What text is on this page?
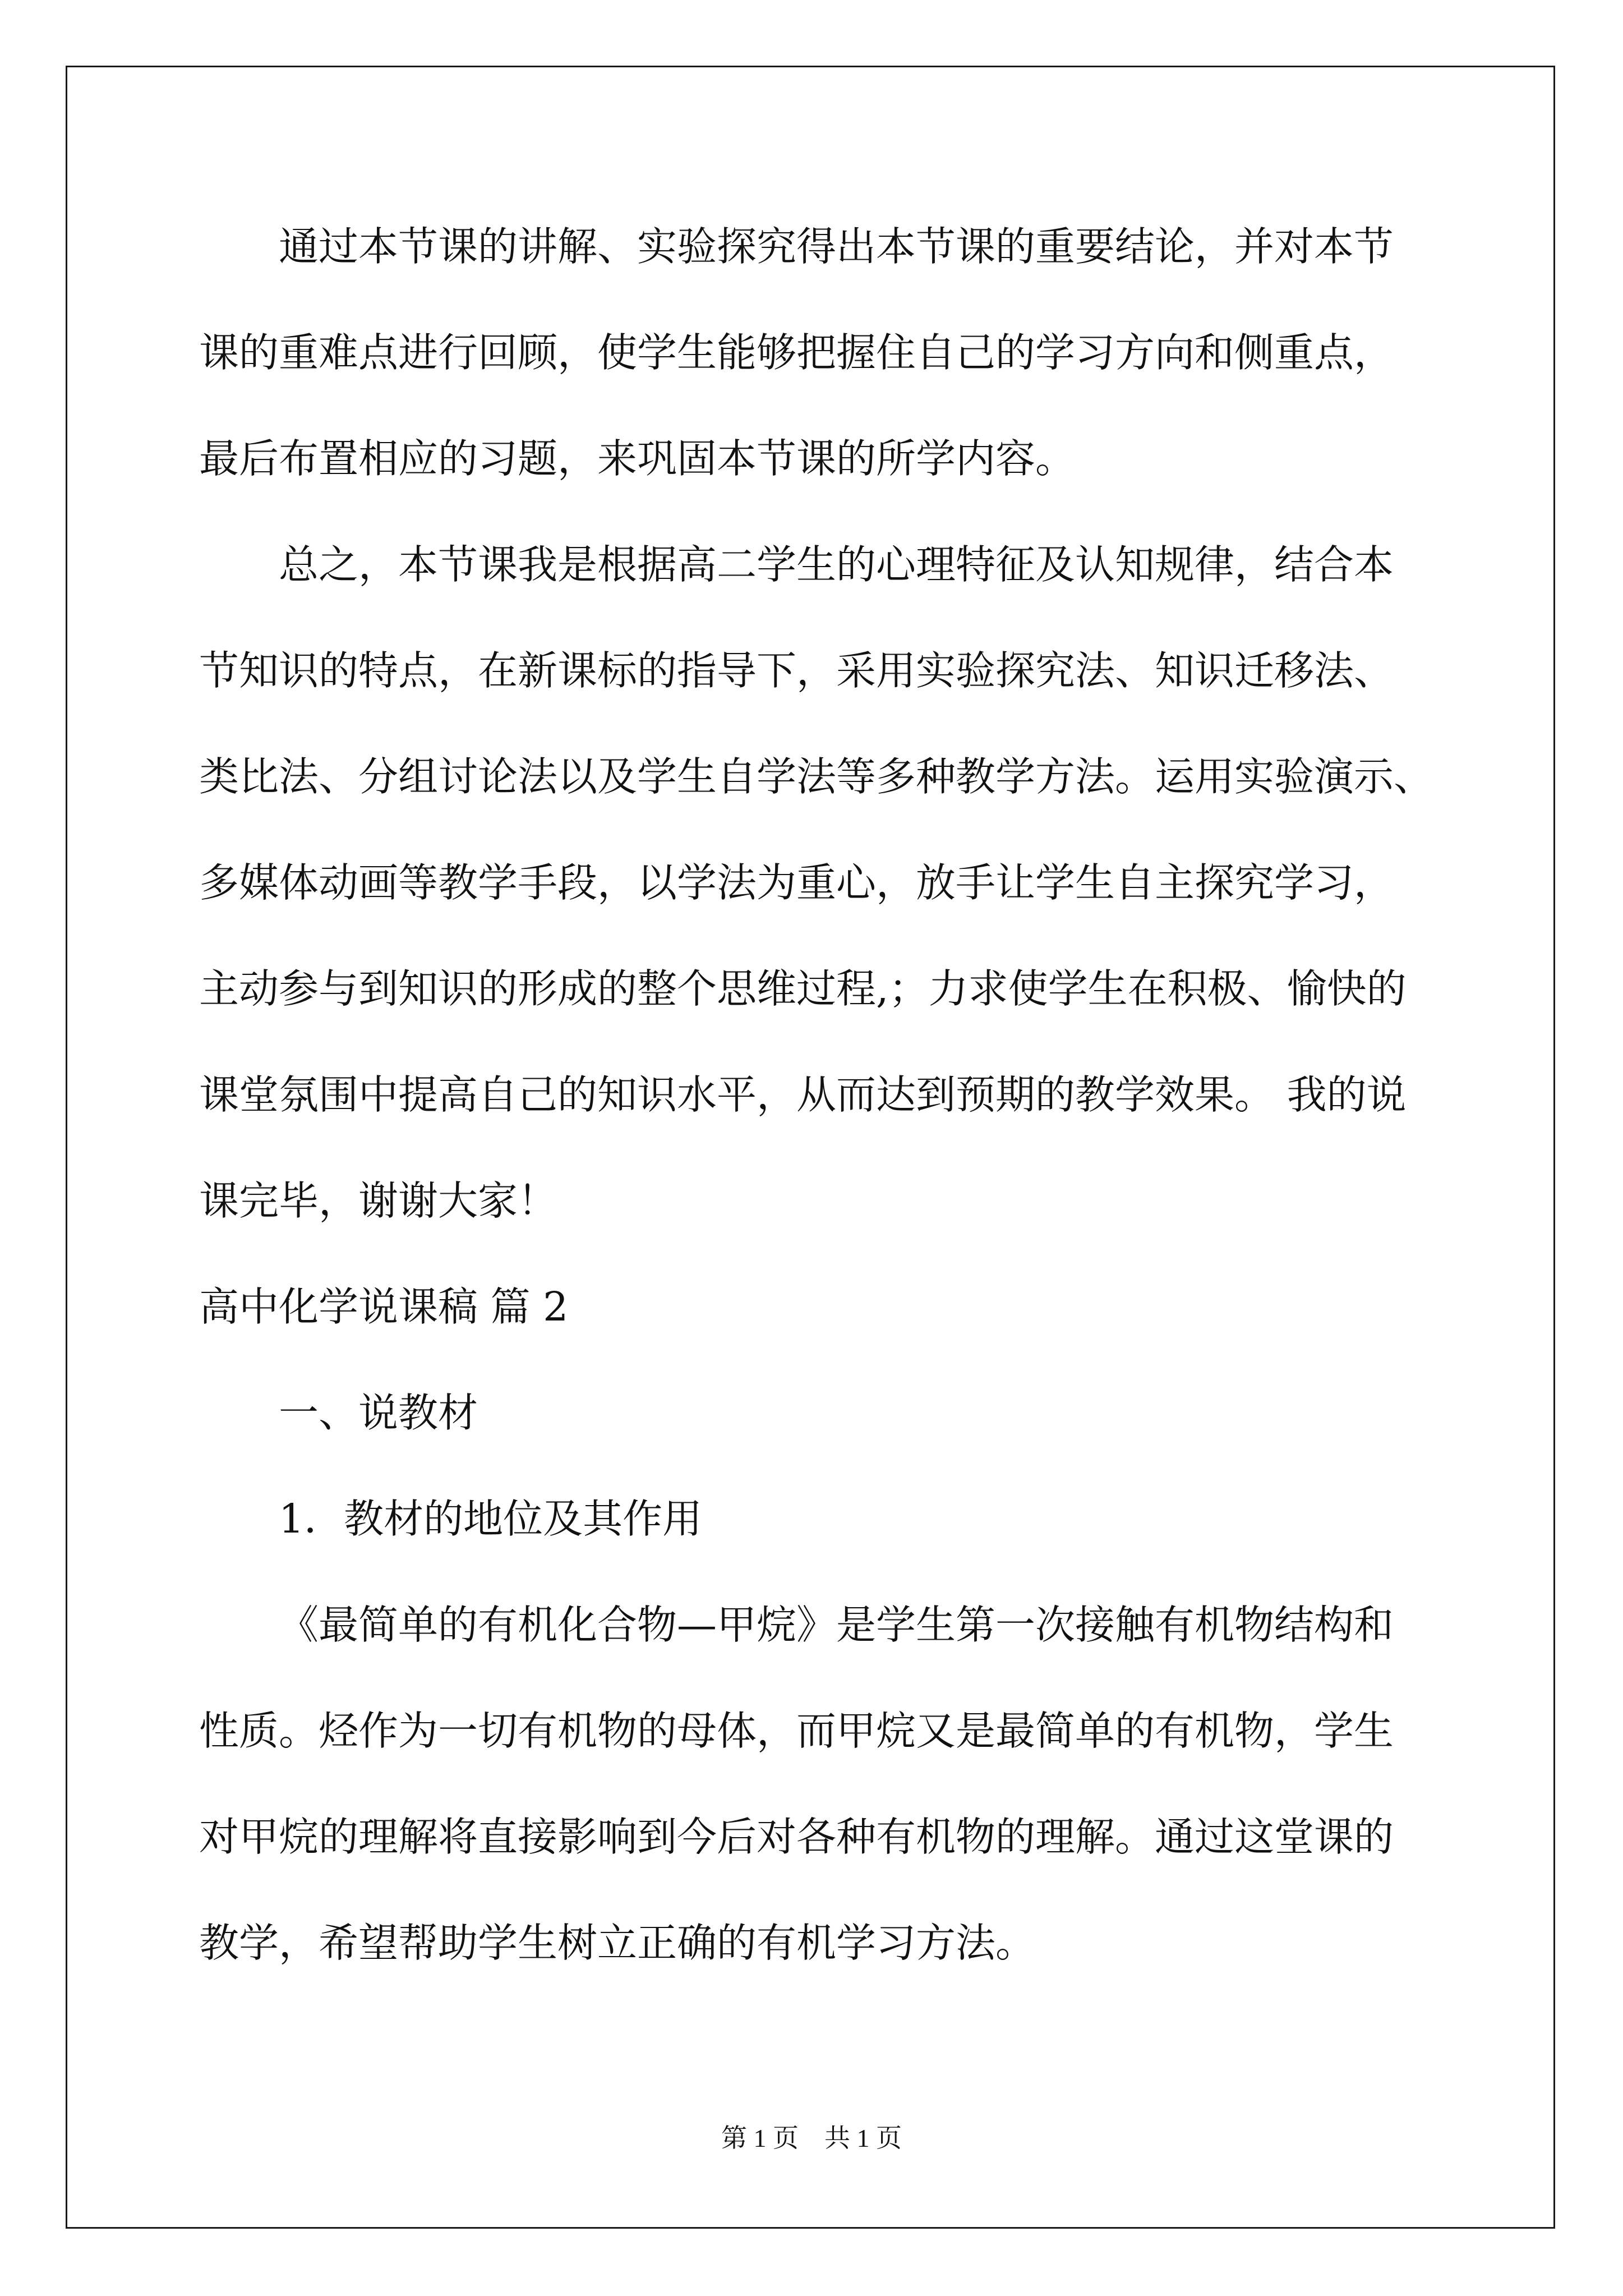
通过本节课的讲解、实验探究得出本节课的重要结论，并对本节
课的重难点进行回顾，使学生能够把握住自己的学习方向和侧重点，
最后布置相应的习题，来巩固本节课的所学内容。
总之，本节课我是根据高二学生的心理特征及认知规律，结合本
节知识的特点，在新课标的指导下，采用实验探究法、知识迁移法、
类比法、分组讨论法以及学生自学法等多种教学方法。运用实验演示、
多媒体动画等教学手段，以学法为重心，放手让学生自主探究学习，
主动参与到知识的形成的整个思维过程,；力求使学生在积极、愉快的
课堂氛围中提高自己的知识水平，从而达到预期的教学效果。 我的说
课完毕，谢谢大家！
高中化学说课稿 篇 2
一、说教材
1．教材的地位及其作用
《最简单的有机化合物—甲烷》是学生第一次接触有机物结构和
性质。烃作为一切有机物的母体，而甲烷又是最简单的有机物，学生
对甲烷的理解将直接影响到今后对各种有机物的理解。通过这堂课的
教学，希望帮助学生树立正确的有机学习方法。
第 1 页　共 1 页
